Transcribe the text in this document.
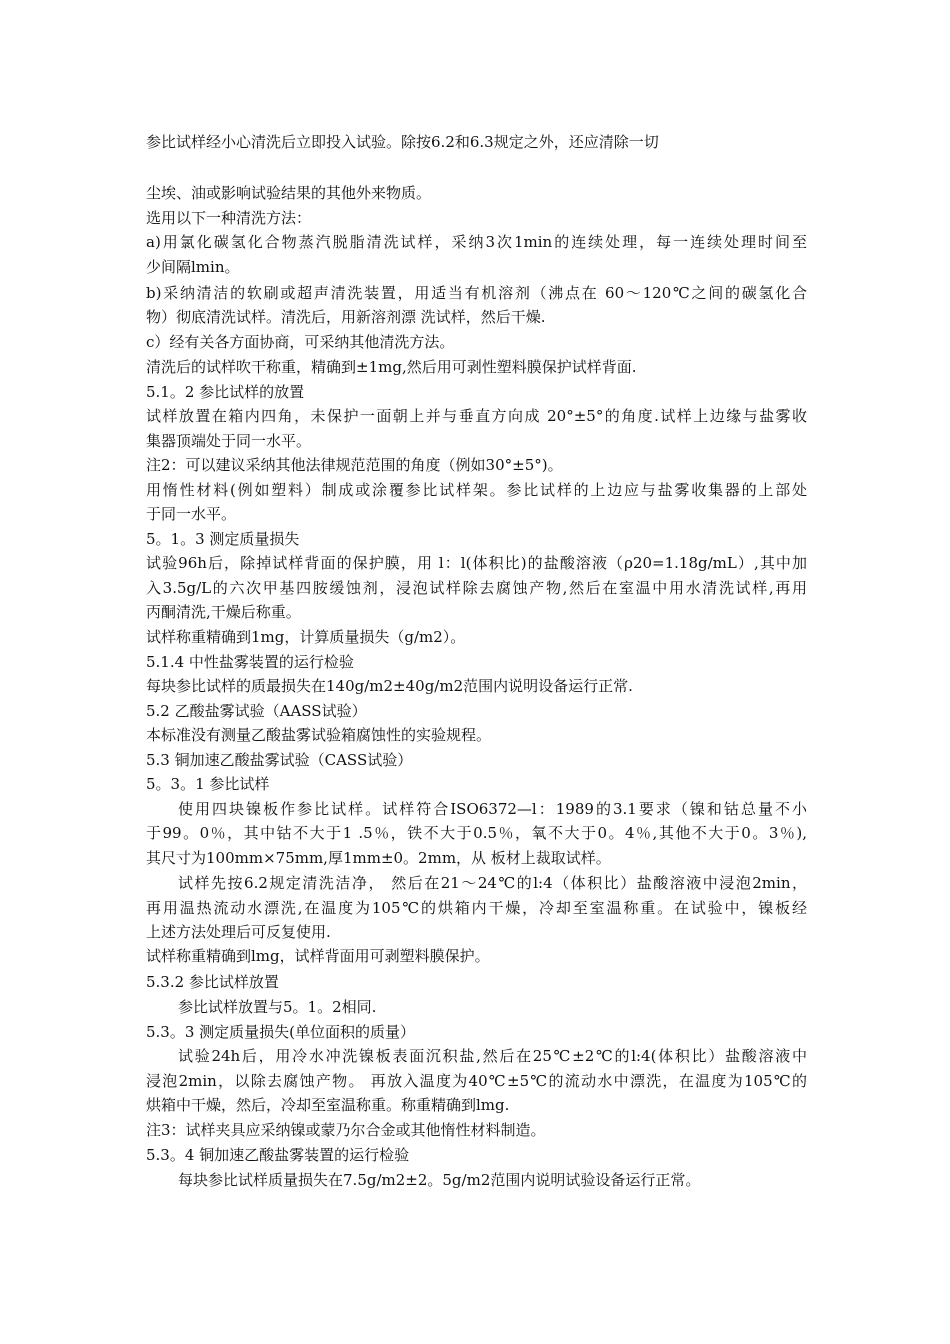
参比试样经小心清洗后立即投入试验。除按6.2和6.3规定之外，还应清除一切
尘埃、油或影响试验结果的其他外来物质。
选用以下一种清洗方法：
a)用氯化碳氢化合物蒸汽脱脂清洗试样，采纳3次1min的连续处理，每一连续处理时间至
少间隔lmin。
b)采纳清洁的软刷或超声清洗装置，用适当有机溶剂（沸点在 60～120℃之间的碳氢化合
物）彻底清洗试样。清洗后，用新溶剂漂 洗试样，然后干燥.
c）经有关各方面协商，可采纳其他清洗方法。
清洗后的试样吹干称重，精确到±1mg,然后用可剥性塑料膜保护试样背面.
5.1。2 参比试样的放置
试样放置在箱内四角，未保护一面朝上并与垂直方向成 20°±5°的角度.试样上边缘与盐雾收
集器顶端处于同一水平。
注2：可以建议采纳其他法律规范范围的角度（例如30°±5°)。
用惰性材料(例如塑料）制成或涂覆参比试样架。参比试样的上边应与盐雾收集器的上部处
于同一水平。
5。1。3 测定质量损失
试验96h后，除掉试样背面的保护膜，用 l：l(体积比)的盐酸溶液（ρ20=1.18g/mL）,其中加
入3.5g/L的六次甲基四胺缓蚀剂，浸泡试样除去腐蚀产物,然后在室温中用水清洗试样,再用
丙酮清洗,干燥后称重。
试样称重精确到1mg，计算质量损失（g/m2）。
5.1.4 中性盐雾装置的运行检验
每块参比试样的质最损失在140g/m2±40g/m2范围内说明设备运行正常.
5.2 乙酸盐雾试验（AASS试验）
本标准没有测量乙酸盐雾试验箱腐蚀性的实验规程。
5.3 铜加速乙酸盐雾试验（CASS试验）
5。3。1 参比试样
使用四块镍板作参比试样。试样符合ISO6372—l：1989的3.1要求（镍和钴总量不小
于99。0％，其中钴不大于1 .5％，铁不大于0.5％，氧不大于0。4％,其他不大于0。3％),
其尺寸为100mm×75mm,厚1mm±0。2mm，从 板材上裁取试样。
试样先按6.2规定清洗洁净， 然后在21～24℃的l:4（体积比）盐酸溶液中浸泡2min，
再用温热流动水漂洗,在温度为105℃的烘箱内干燥，冷却至室温称重。在试验中，镍板经
上述方法处理后可反复使用.
试样称重精确到lmg，试样背面用可剥塑料膜保护。
5.3.2 参比试样放置
参比试样放置与5。1。2相同.
5.3。3 测定质量损失(单位面积的质量）
试验24h后，用冷水冲洗镍板表面沉积盐,然后在25℃±2℃的l:4(体积比）盐酸溶液中
浸泡2min，以除去腐蚀产物。 再放入温度为40℃±5℃的流动水中漂洗，在温度为105℃的
烘箱中干燥，然后，冷却至室温称重。称重精确到lmg.
注3：试样夹具应采纳镍或蒙乃尔合金或其他惰性材料制造。
5.3。4 铜加速乙酸盐雾装置的运行检验
每块参比试样质量损失在7.5g/m2±2。5g/m2范围内说明试验设备运行正常。
